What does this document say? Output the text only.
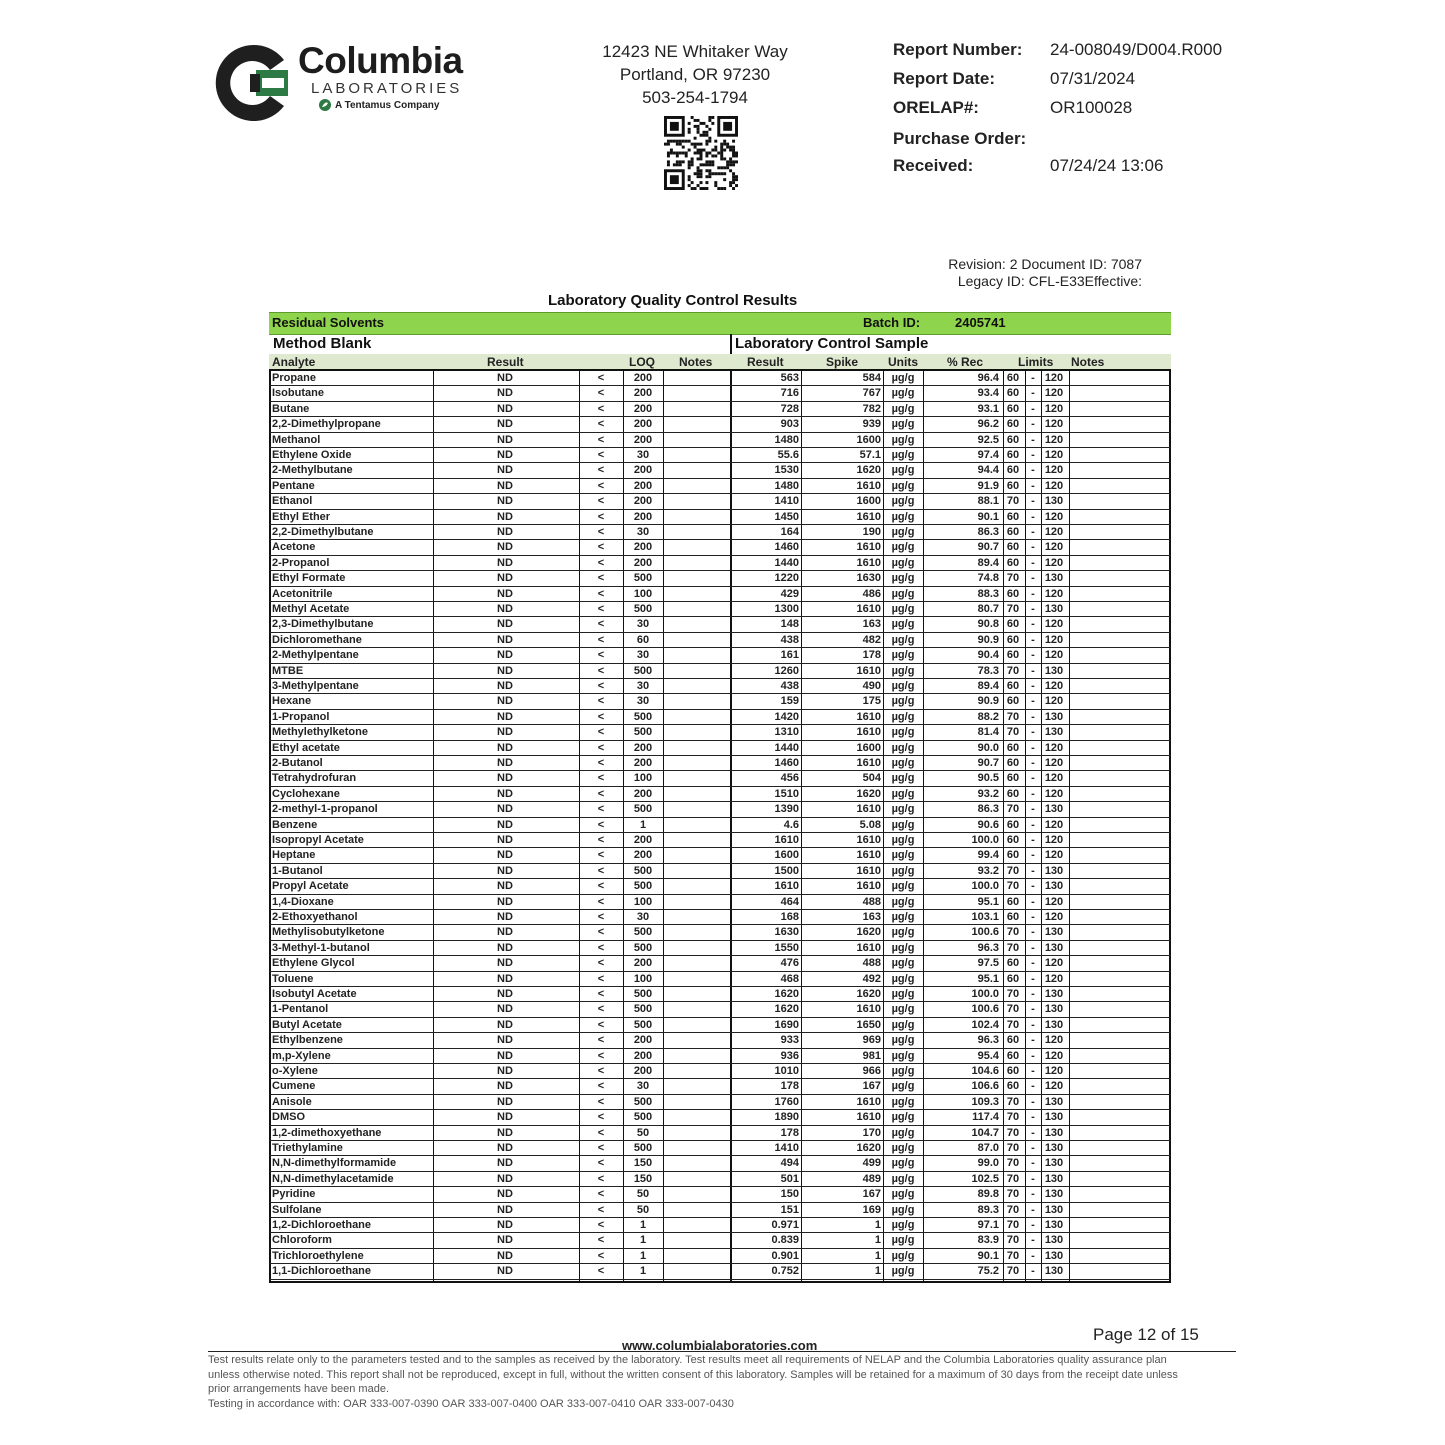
Columbia
LABORATORIES
A Tentamus Company
12423 NE Whitaker Way
Portland, OR 97230
503-254-1794
Report Number: 24-008049/D004.R000
Report Date:	07/31/2024
ORELAP#:	OR100028
Purchase Order:
Received:	07/24/24 13:06
Revision: 2 Document ID: 7087
Legacy ID: CFL-E33Effective:
Laboratory Quality Control Results
Residual Solvents	Batch ID:	2405741
Method Blank	Laboratory Control Sample
Analyte	Result	LOQ Notes	Result	Spike Units % Rec	Limits Notes
Propane	ND	<	200	563	584 µg/g	96.4 60	- 120
Isobutane	ND	<	200	716	767 µg/g	93.4 60	- 120
Butane	ND	<	200	728	782 µg/g	93.1 60	- 120
2,2-Dimethylpropane	ND	<	200	903	939 µg/g	96.2 60	- 120
Methanol	ND	<	200	1480	1600 µg/g	92.5 60	- 120
Ethylene Oxide	ND	<	30	55.6	57.1 µg/g	97.4 60	- 120
2-Methylbutane	ND	<	200	1530	1620 µg/g	94.4 60	- 120
Pentane	ND	<	200	1480	1610 µg/g	91.9 60	- 120
Ethanol	ND	<	200	1410	1600 µg/g	88.1 70	- 130
Ethyl Ether	ND	<	200	1450	1610 µg/g	90.1 60	- 120
2,2-Dimethylbutane	ND	<	30	164	190 µg/g	86.3 60	- 120
Acetone	ND	<	200	1460	1610 µg/g	90.7 60	- 120
2-Propanol	ND	<	200	1440	1610 µg/g	89.4 60	- 120
Ethyl Formate	ND	<	500	1220	1630 µg/g	74.8 70	- 130
Acetonitrile	ND	<	100	429	486 µg/g	88.3 60	- 120
Methyl Acetate	ND	<	500	1300	1610 µg/g	80.7 70	- 130
2,3-Dimethylbutane	ND	<	30	148	163 µg/g	90.8 60	- 120
Dichloromethane	ND	<	60	438	482 µg/g	90.9 60	- 120
2-Methylpentane	ND	<	30	161	178 µg/g	90.4 60	- 120
MTBE	ND	<	500	1260	1610 µg/g	78.3 70	- 130
3-Methylpentane	ND	<	30	438	490 µg/g	89.4 60	- 120
Hexane	ND	<	30	159	175 µg/g	90.9 60	- 120
1-Propanol	ND	<	500	1420	1610 µg/g	88.2 70	- 130
Methylethylketone	ND	<	500	1310	1610 µg/g	81.4 70	- 130
Ethyl acetate	ND	<	200	1440	1600 µg/g	90.0 60	- 120
2-Butanol	ND	<	200	1460	1610 µg/g	90.7 60	- 120
Tetrahydrofuran	ND	<	100	456	504 µg/g	90.5 60	- 120
Cyclohexane	ND	<	200	1510	1620 µg/g	93.2 60	- 120
2-methyl-1-propanol	ND	<	500	1390	1610 µg/g	86.3 70	- 130
Benzene	ND	<	1	4.6	5.08 µg/g	90.6 60	- 120
Isopropyl Acetate	ND	<	200	1610	1610 µg/g	100.0 60	- 120
Heptane	ND	<	200	1600	1610 µg/g	99.4 60	- 120
1-Butanol	ND	<	500	1500	1610 µg/g	93.2 70	- 130
Propyl Acetate	ND	<	500	1610	1610 µg/g	100.0 70	- 130
1,4-Dioxane	ND	<	100	464	488 µg/g	95.1 60	- 120
2-Ethoxyethanol	ND	<	30	168	163 µg/g	103.1 60	- 120
Methylisobutylketone	ND	<	500	1630	1620 µg/g	100.6 70	- 130
3-Methyl-1-butanol	ND	<	500	1550	1610 µg/g	96.3 70	- 130
Ethylene Glycol	ND	<	200	476	488 µg/g	97.5 60	- 120
Toluene	ND	<	100	468	492 µg/g	95.1 60	- 120
Isobutyl Acetate	ND	<	500	1620	1620 µg/g	100.0 70	- 130
1-Pentanol	ND	<	500	1620	1610 µg/g	100.6 70	- 130
Butyl Acetate	ND	<	500	1690	1650 µg/g	102.4 70	- 130
Ethylbenzene	ND	<	200	933	969 µg/g	96.3 60	- 120
m,p-Xylene	ND	<	200	936	981 µg/g	95.4 60	- 120
o-Xylene	ND	<	200	1010	966 µg/g	104.6 60	- 120
Cumene	ND	<	30	178	167 µg/g	106.6 60	- 120
Anisole	ND	<	500	1760	1610 µg/g	109.3 70	- 130
DMSO	ND	<	500	1890	1610 µg/g	117.4 70	- 130
1,2-dimethoxyethane	ND	<	50	178	170 µg/g	104.7 70	- 130
Triethylamine	ND	<	500	1410	1620 µg/g	87.0 70	- 130
N,N-dimethylformamide	ND	<	150	494	499 µg/g	99.0 70	- 130
N,N-dimethylacetamide	ND	<	150	501	489 µg/g	102.5 70	- 130
Pyridine	ND	<	50	150	167 µg/g	89.8 70	- 130
Sulfolane	ND	<	50	151	169 µg/g	89.3 70	- 130
1,2-Dichloroethane	ND	<	1	0.971	1 µg/g	97.1 70	- 130
Chloroform	ND	<	1	0.839	1 µg/g	83.9 70	- 130
Trichloroethylene	ND	<	1	0.901	1 µg/g	90.1 70	- 130
1,1-Dichloroethane	ND	<	1	0.752	1 µg/g	75.2 70	- 130
Page 12 of 15
www.columbialaboratories.com
Test results relate only to the parameters tested and to the samples as received by the laboratory. Test results meet all requirements of NELAP and the Columbia Laboratories quality assurance plan
unless otherwise noted. This report shall not be reproduced, except in full, without the written consent of this laboratory. Samples will be retained for a maximum of 30 days from the receipt date unless
prior arrangements have been made.
Testing in accordance with: OAR 333-007-0390 OAR 333-007-0400 OAR 333-007-0410 OAR 333-007-0430
